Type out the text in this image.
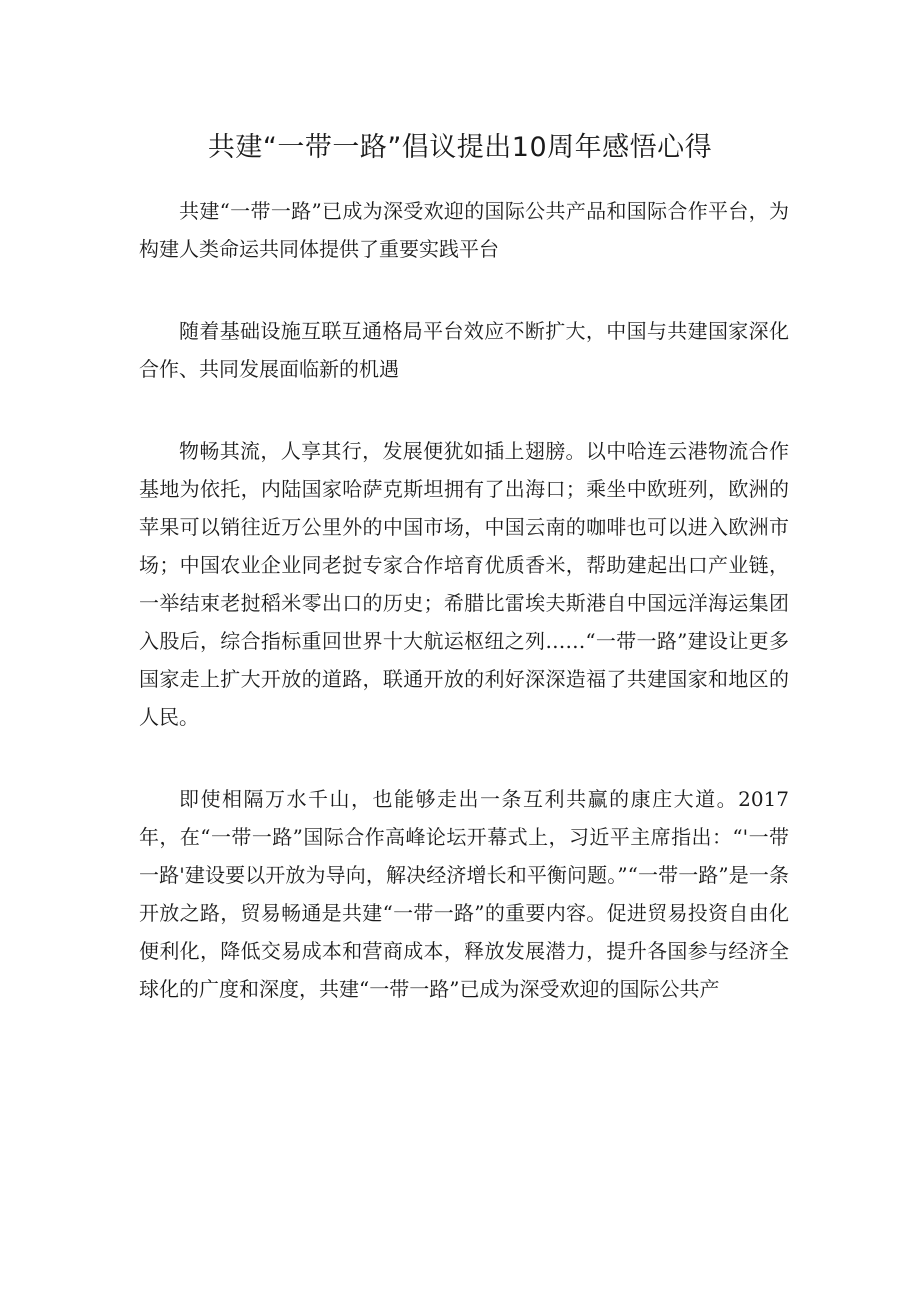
共建“一带一路”倡议提出10周年感悟心得

共建“一带一路”已成为深受欢迎的国际公共产品和国际合作平台，为构建人类命运共同体提供了重要实践平台

随着基础设施互联互通格局平台效应不断扩大，中国与共建国家深化合作、共同发展面临新的机遇

物畅其流，人享其行，发展便犹如插上翅膀。以中哈连云港物流合作基地为依托，内陆国家哈萨克斯坦拥有了出海口；乘坐中欧班列，欧洲的苹果可以销往近万公里外的中国市场，中国云南的咖啡也可以进入欧洲市场；中国农业企业同老挝专家合作培育优质香米，帮助建起出口产业链，一举结束老挝稻米零出口的历史；希腊比雷埃夫斯港自中国远洋海运集团入股后，综合指标重回世界十大航运枢纽之列……“一带一路”建设让更多国家走上扩大开放的道路，联通开放的利好深深造福了共建国家和地区的人民。

即使相隔万水千山，也能够走出一条互利共赢的康庄大道。2017年，在“一带一路”国际合作高峰论坛开幕式上，习近平主席指出：“'一带一路'建设要以开放为导向，解决经济增长和平衡问题。”“一带一路”是一条开放之路，贸易畅通是共建“一带一路”的重要内容。促进贸易投资自由化便利化，降低交易成本和营商成本，释放发展潜力，提升各国参与经济全球化的广度和深度，共建“一带一路”已成为深受欢迎的国际公共产
